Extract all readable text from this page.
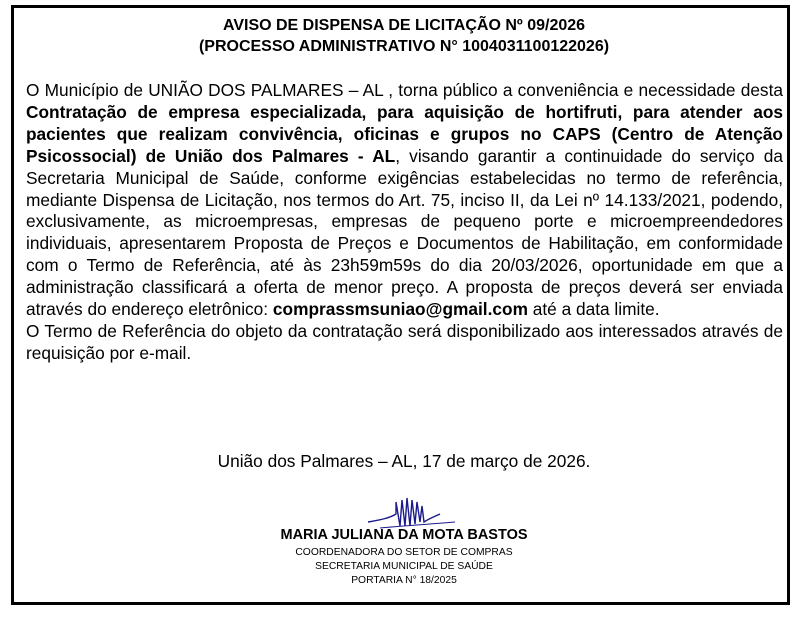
AVISO DE DISPENSA DE LICITAÇÃO Nº 09/2026
(PROCESSO ADMINISTRATIVO N° 1004031100122026)

O Município de UNIÃO DOS PALMARES – AL , torna público a conveniência e necessidade desta Contratação de empresa especializada, para aquisição de hortifruti, para atender aos pacientes que realizam convivência, oficinas e grupos no CAPS (Centro de Atenção Psicossocial) de União dos Palmares - AL, visando garantir a continuidade do serviço da Secretaria Municipal de Saúde, conforme exigências estabelecidas no termo de referência, mediante Dispensa de Licitação, nos termos do Art. 75, inciso II, da Lei nº 14.133/2021, podendo, exclusivamente, as microempresas, empresas de pequeno porte e microempreendedores individuais, apresentarem Proposta de Preços e Documentos de Habilitação, em conformidade com o Termo de Referência, até às 23h59m59s do dia 20/03/2026, oportunidade em que a administração classificará a oferta de menor preço. A proposta de preços deverá ser enviada através do endereço eletrônico: comprassmsuniao@gmail.com até a data limite.

O Termo de Referência do objeto da contratação será disponibilizado aos interessados através de requisição por e-mail.

União dos Palmares – AL, 17 de março de 2026.
MARIA JULIANA DA MOTA BASTOS
COORDENADORA DO SETOR DE COMPRAS
SECRETARIA MUNICIPAL DE SAÚDE
PORTARIA N° 18/2025
